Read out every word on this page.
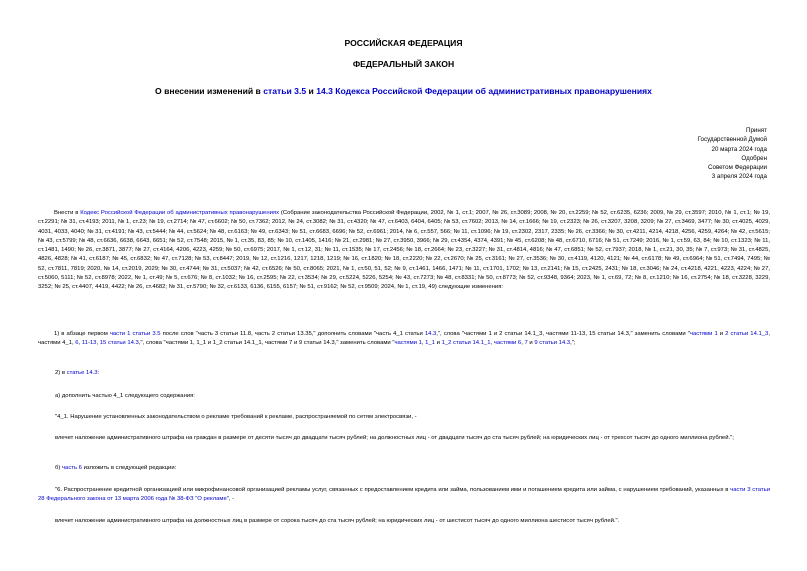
РОССИЙСКАЯ ФЕДЕРАЦИЯ
ФЕДЕРАЛЬНЫЙ ЗАКОН
О внесении изменений в статьи 3.5 и 14.3 Кодекса Российской Федерации об административных правонарушениях
Принят
Государственной Думой
20 марта 2024 года
Одобрен
Советом Федерации
3 апреля 2024 года
Внести в Кодекс Российской Федерации об административных правонарушениях (Собрание законодательства Российской Федерации, 2002, № 1, ст.1; 2007, № 26, ст.3089; 2008, № 20, ст.2259; № 52, ст.6235, 6236; 2009, № 29, ст.3597; 2010, № 1, ст.1; № 19, ст.2291; № 31, ст.4193; 2011, № 1, ст.23; № 19, ст.2714; № 47, ст.6602; № 50, ст.7362; 2012, № 24, ст.3082; № 31, ст.4320; № 47, ст.6403, 6404, 6405; № 53, ст.7602; 2013, № 14, ст.1666; № 19, ст.2323; № 26, ст.3207, 3208, 3209; № 27, ст.3469, 3477; № 30, ст.4025, 4029, 4031, 4033, 4040; № 31, ст.4191; № 43, ст.5444; № 44, ст.5624; № 48, ст.6163; № 49, ст.6343; № 51, ст.6683, 6696; № 52, ст.6961; 2014, № 6, ст.557, 566; № 11, ст.1096; № 19, ст.2302, 2317, 2335; № 26, ст.3366; № 30, ст.4211, 4214, 4218, 4256, 4259, 4264; № 42, ст.5615; № 43, ст.5799; № 48, ст.6636, 6638, 6643, 6651; № 52, ст.7548; 2015, № 1, ст.35, 83, 85; № 10, ст.1405, 1416; № 21, ст.2981; № 27, ст.3950, 3966; № 29, ст.4354, 4374, 4391; № 45, ст.6208; № 48, ст.6710, 6716; № 51, ст.7249; 2016, № 1, ст.59, 63, 84; № 10, ст.1323; № 11, ст.1481, 1490; № 26, ст.3871, 3877; № 27, ст.4164, 4206, 4223, 4259; № 50, ст.6975; 2017, № 1, ст.12, 31; № 11, ст.1535; № 17, ст.2456; № 18, ст.2664; № 23, ст.3227; № 31, ст.4814, 4816; № 47, ст.6851; № 52, ст.7937; 2018, № 1, ст.21, 30, 35; № 7, ст.973; № 31, ст.4825, 4826, 4828; № 41, ст.6187; № 45, ст.6832; № 47, ст.7128; № 53, ст.8447; 2019, № 12, ст.1216, 1217, 1218, 1219; № 16, ст.1820; № 18, ст.2220; № 22, ст.2670; № 25, ст.3161; № 27, ст.3536; № 30, ст.4119, 4120, 4121; № 44, ст.6178; № 49, ст.6964; № 51, ст.7494, 7495; № 52, ст.7811, 7819; 2020, № 14, ст.2019, 2029; № 30, ст.4744; № 31, ст.5037; № 42, ст.6526; № 50, ст.8065; 2021, № 1, ст.50, 51, 52; № 9, ст.1461, 1466, 1471; № 11, ст.1701, 1702; № 13, ст.2141; № 15, ст.2425, 2431; № 18, ст.3046; № 24, ст.4218, 4221, 4223, 4224; № 27, ст.5060, 5111; № 52, ст.8978; 2022, № 1, ст.49; № 5, ст.676; № 8, ст.1032; № 16, ст.2595; № 22, ст.3534; № 29, ст.5224, 5226, 5254; № 43, ст.7273; № 48, ст.8331; № 50, ст.8773; № 52, ст.9348, 9364; 2023, № 1, ст.69, 72; № 8, ст.1210; № 16, ст.2754; № 18, ст.3228, 3229, 3252; № 25, ст.4407, 4419, 4422; № 26, ст.4682; № 31, ст.5790; № 32, ст.6133, 6136, 6155, 6157; № 51, ст.9162; № 52, ст.9509; 2024, № 1, ст.19, 49) следующие изменения:
1) в абзаце первом части 1 статьи 3.5 после слов "часть 3 статьи 11.8, часть 2 статьи 13.35," дополнить словами "часть 4_1 статьи 14.3,", слова "частями 1 и 2 статьи 14.1_3, частями 11-13, 15 статьи 14.3," заменить словами "частями 1 и 2 статьи 14.1_3, частями 4_1, 6, 11-13, 15 статьи 14.3,", слова "частями 1, 1_1 и 1_2 статьи 14.1_1, частями 7 и 9 статьи 14.3," заменить словами "частями 1, 1_1 и 1_2 статьи 14.1_1, частями 6, 7 и 9 статьи 14.3,";
2) в статье 14.3:
а) дополнить частью 4_1 следующего содержания:
"4_1. Нарушение установленных законодательством о рекламе требований к рекламе, распространяемой по сетям электросвязи, -
влечет наложение административного штрафа на граждан в размере от десяти тысяч до двадцати тысяч рублей; на должностных лиц - от двадцати тысяч до ста тысяч рублей; на юридических лиц - от трехсот тысяч до одного миллиона рублей.";
б) часть 6 изложить в следующей редакции:
"6. Распространение кредитной организацией или микрофинансовой организацией рекламы услуг, связанных с предоставлением кредита или займа, пользованием ими и погашением кредита или займа, с нарушением требований, указанных в части 3 статьи 28 Федерального закона от 13 марта 2006 года № 38-ФЗ "О рекламе", -
влечет наложение административного штрафа на должностных лиц в размере от сорока тысяч до ста тысяч рублей; на юридических лиц - от шестисот тысяч до одного миллиона шестисот тысяч рублей.".
